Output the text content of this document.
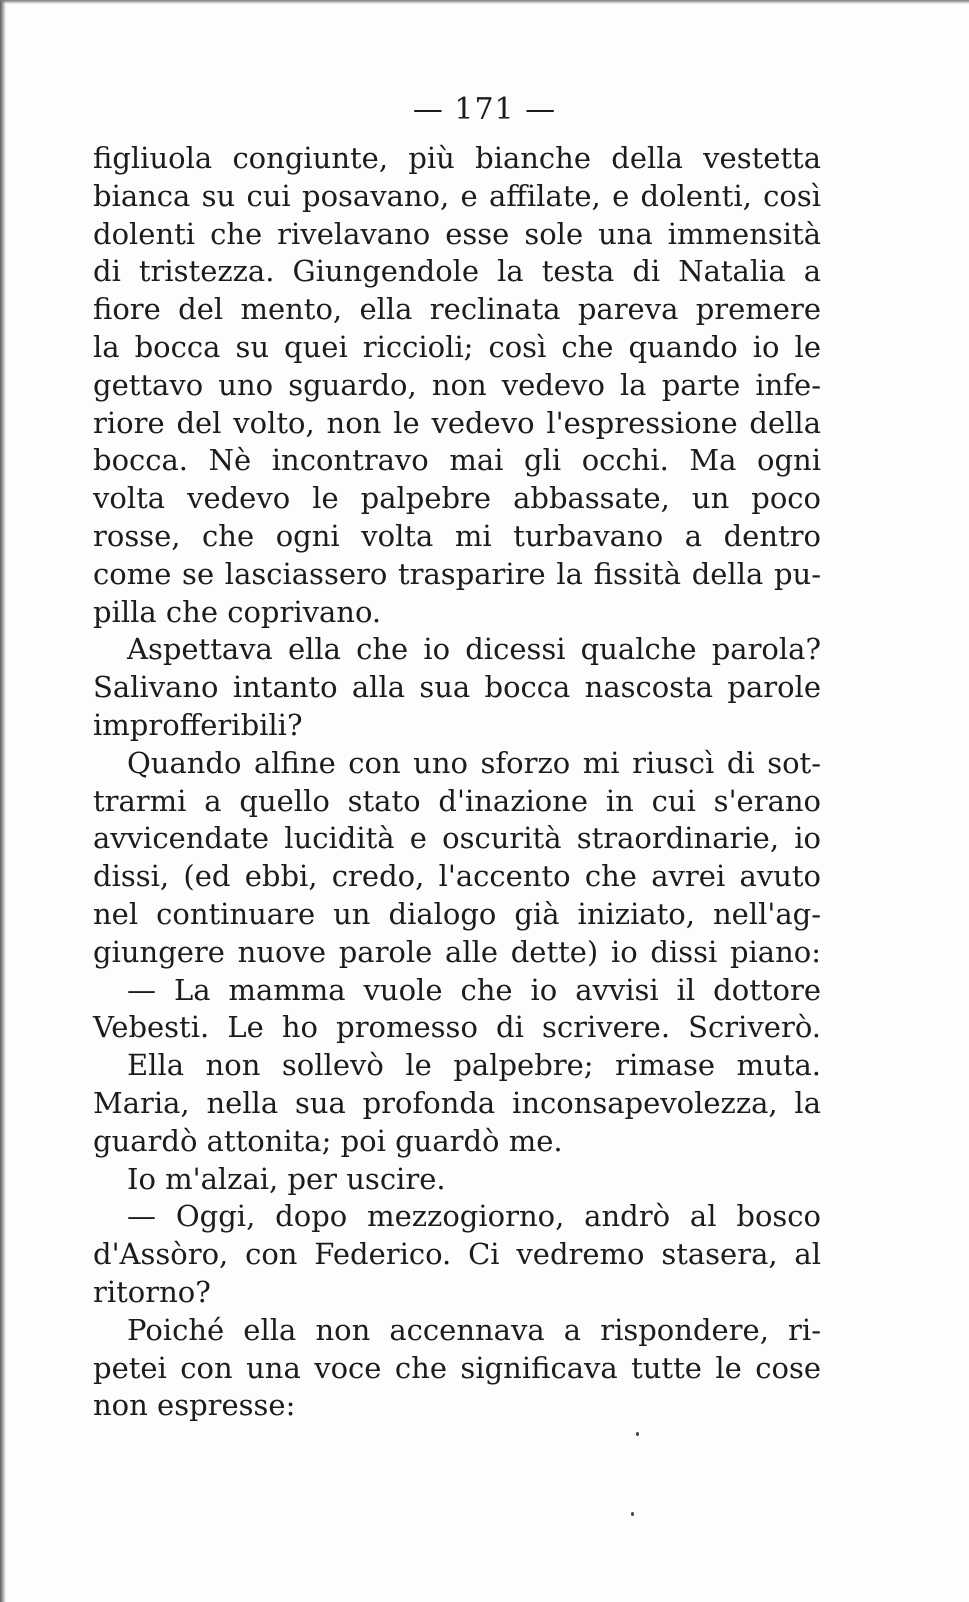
— 171 —
figliuola congiunte, più bianche della vestetta
bianca su cui posavano, e affilate, e dolenti, così
dolenti che rivelavano esse sole una immensità
di tristezza. Giungendole la testa di Natalia a
fiore del mento, ella reclinata pareva premere
la bocca su quei riccioli; così che quando io le
gettavo uno sguardo, non vedevo la parte infe-
riore del volto, non le vedevo l'espressione della
bocca. Nè incontravo mai gli occhi. Ma ogni
volta vedevo le palpebre abbassate, un poco
rosse, che ogni volta mi turbavano a dentro
come se lasciassero trasparire la fissità della pu-
pilla che coprivano.
Aspettava ella che io dicessi qualche parola?
Salivano intanto alla sua bocca nascosta parole
improfferibili?
Quando alfine con uno sforzo mi riuscì di sot-
trarmi a quello stato d'inazione in cui s'erano
avvicendate lucidità e oscurità straordinarie, io
dissi, (ed ebbi, credo, l'accento che avrei avuto
nel continuare un dialogo già iniziato, nell'ag-
giungere nuove parole alle dette) io dissi piano:
— La mamma vuole che io avvisi il dottore
Vebesti. Le ho promesso di scrivere. Scriverò.
Ella non sollevò le palpebre; rimase muta.
Maria, nella sua profonda inconsapevolezza, la
guardò attonita; poi guardò me.
Io m'alzai, per uscire.
— Oggi, dopo mezzogiorno, andrò al bosco
d'Assòro, con Federico. Ci vedremo stasera, al
ritorno?
Poiché ella non accennava a rispondere, ri-
petei con una voce che significava tutte le cose
non espresse:
